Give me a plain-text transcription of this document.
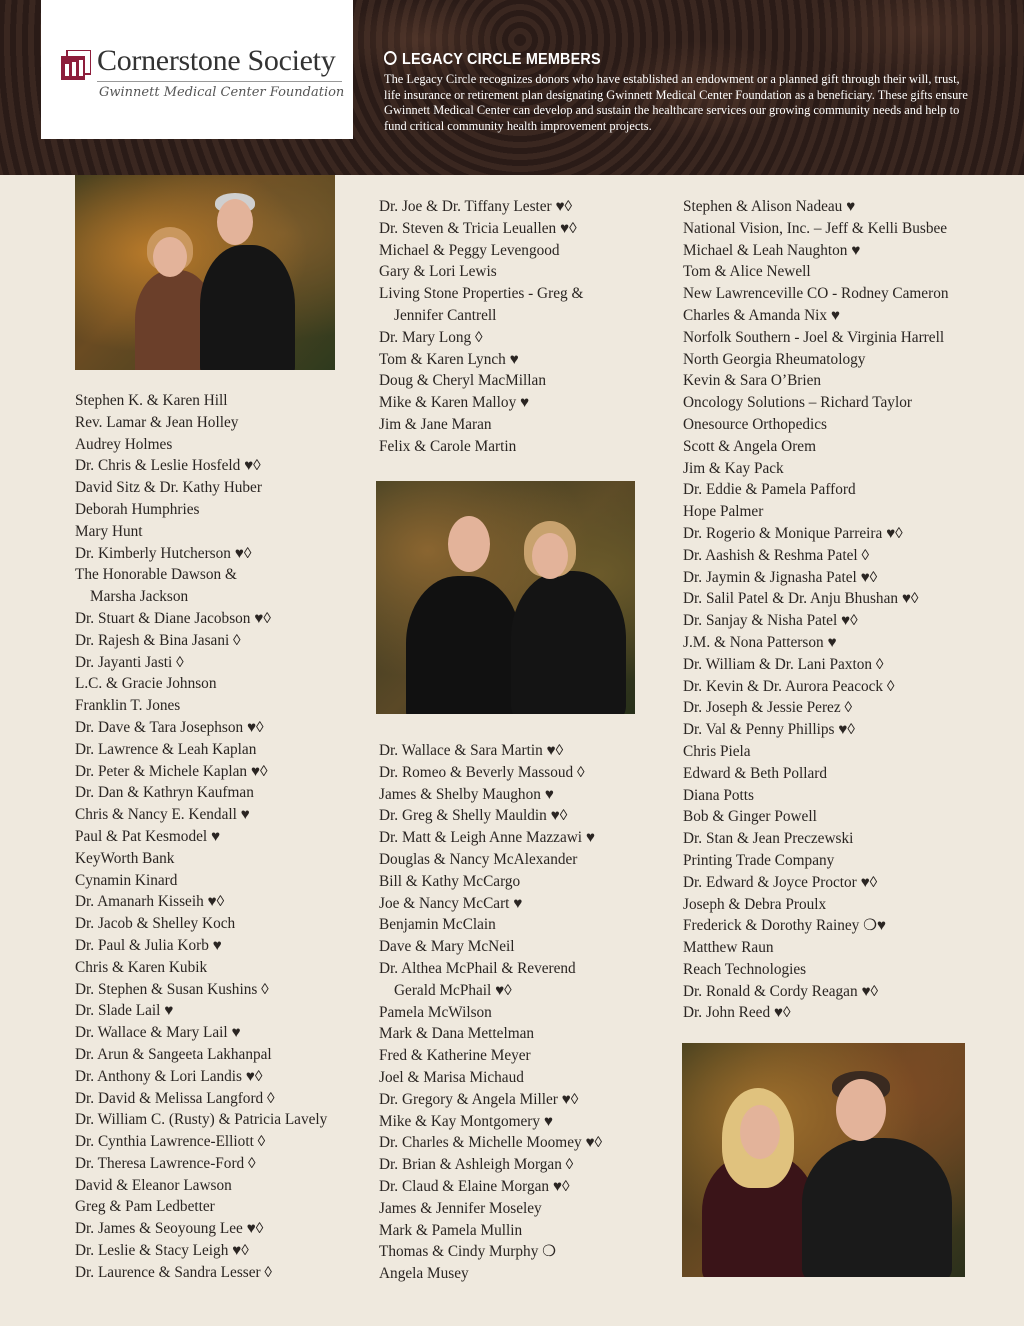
Cornerstone Society
Gwinnett Medical Center Foundation
LEGACY CIRCLE MEMBERS
The Legacy Circle recognizes donors who have established an endowment or a planned gift through their will, trust, life insurance or retirement plan designating Gwinnett Medical Center Foundation as a beneficiary. These gifts ensure Gwinnett Medical Center can develop and sustain the healthcare services our growing community needs and help to fund critical community health improvement projects.
Stephen K. & Karen Hill
Rev. Lamar & Jean Holley
Audrey Holmes
Dr. Chris & Leslie Hosfeld ♥◊
David Sitz & Dr. Kathy Huber
Deborah Humphries
Mary Hunt
Dr. Kimberly Hutcherson ♥◊
The Honorable Dawson &
Marsha Jackson
Dr. Stuart & Diane Jacobson ♥◊
Dr. Rajesh & Bina Jasani ◊
Dr. Jayanti Jasti ◊
L.C. & Gracie Johnson
Franklin T. Jones
Dr. Dave & Tara Josephson ♥◊
Dr. Lawrence & Leah Kaplan
Dr. Peter & Michele Kaplan ♥◊
Dr. Dan & Kathryn Kaufman
Chris & Nancy E. Kendall ♥
Paul & Pat Kesmodel ♥
KeyWorth Bank
Cynamin Kinard
Dr. Amanarh Kisseih ♥◊
Dr. Jacob & Shelley Koch
Dr. Paul & Julia Korb ♥
Chris & Karen Kubik
Dr. Stephen & Susan Kushins ◊
Dr. Slade Lail ♥
Dr. Wallace & Mary Lail ♥
Dr. Arun & Sangeeta Lakhanpal
Dr. Anthony & Lori Landis ♥◊
Dr. David & Melissa Langford ◊
Dr. William C. (Rusty) & Patricia Lavely
Dr. Cynthia Lawrence-Elliott ◊
Dr. Theresa Lawrence-Ford ◊
David & Eleanor Lawson
Greg & Pam Ledbetter
Dr. James & Seoyoung Lee ♥◊
Dr. Leslie & Stacy Leigh ♥◊
Dr. Laurence & Sandra Lesser ◊
Dr. Joe & Dr. Tiffany Lester ♥◊
Dr. Steven & Tricia Leuallen ♥◊
Michael & Peggy Levengood
Gary & Lori Lewis
Living Stone Properties - Greg &
Jennifer Cantrell
Dr. Mary Long ◊
Tom & Karen Lynch ♥
Doug & Cheryl MacMillan
Mike & Karen Malloy ♥
Jim & Jane Maran
Felix & Carole Martin
Dr. Wallace & Sara Martin ♥◊
Dr. Romeo & Beverly Massoud ◊
James & Shelby Maughon ♥
Dr. Greg & Shelly Mauldin ♥◊
Dr. Matt & Leigh Anne Mazzawi ♥
Douglas & Nancy McAlexander
Bill & Kathy McCargo
Joe & Nancy McCart ♥
Benjamin McClain
Dave & Mary McNeil
Dr. Althea McPhail & Reverend
Gerald McPhail ♥◊
Pamela McWilson
Mark & Dana Mettelman
Fred & Katherine Meyer
Joel & Marisa Michaud
Dr. Gregory & Angela Miller ♥◊
Mike & Kay Montgomery ♥
Dr. Charles & Michelle Moomey ♥◊
Dr. Brian & Ashleigh Morgan ◊
Dr. Claud & Elaine Morgan ♥◊
James & Jennifer Moseley
Mark & Pamela Mullin
Thomas & Cindy Murphy ❍
Angela Musey
Stephen & Alison Nadeau ♥
National Vision, Inc. – Jeff & Kelli Busbee
Michael & Leah Naughton ♥
Tom & Alice Newell
New Lawrenceville CO - Rodney Cameron
Charles & Amanda Nix ♥
Norfolk Southern - Joel & Virginia Harrell
North Georgia Rheumatology
Kevin & Sara O’Brien
Oncology Solutions – Richard Taylor
Onesource Orthopedics
Scott & Angela Orem
Jim & Kay Pack
Dr. Eddie & Pamela Pafford
Hope Palmer
Dr. Rogerio & Monique Parreira ♥◊
Dr. Aashish & Reshma Patel ◊
Dr. Jaymin & Jignasha Patel ♥◊
Dr. Salil Patel & Dr. Anju Bhushan ♥◊
Dr. Sanjay & Nisha Patel ♥◊
J.M. & Nona Patterson ♥
Dr. William & Dr. Lani Paxton ◊
Dr. Kevin & Dr. Aurora Peacock ◊
Dr. Joseph & Jessie Perez ◊
Dr. Val & Penny Phillips ♥◊
Chris Piela
Edward & Beth Pollard
Diana Potts
Bob & Ginger Powell
Dr. Stan & Jean Preczewski
Printing Trade Company
Dr. Edward & Joyce Proctor ♥◊
Joseph & Debra Proulx
Frederick & Dorothy Rainey ❍♥
Matthew Raun
Reach Technologies
Dr. Ronald & Cordy Reagan ♥◊
Dr. John Reed ♥◊
